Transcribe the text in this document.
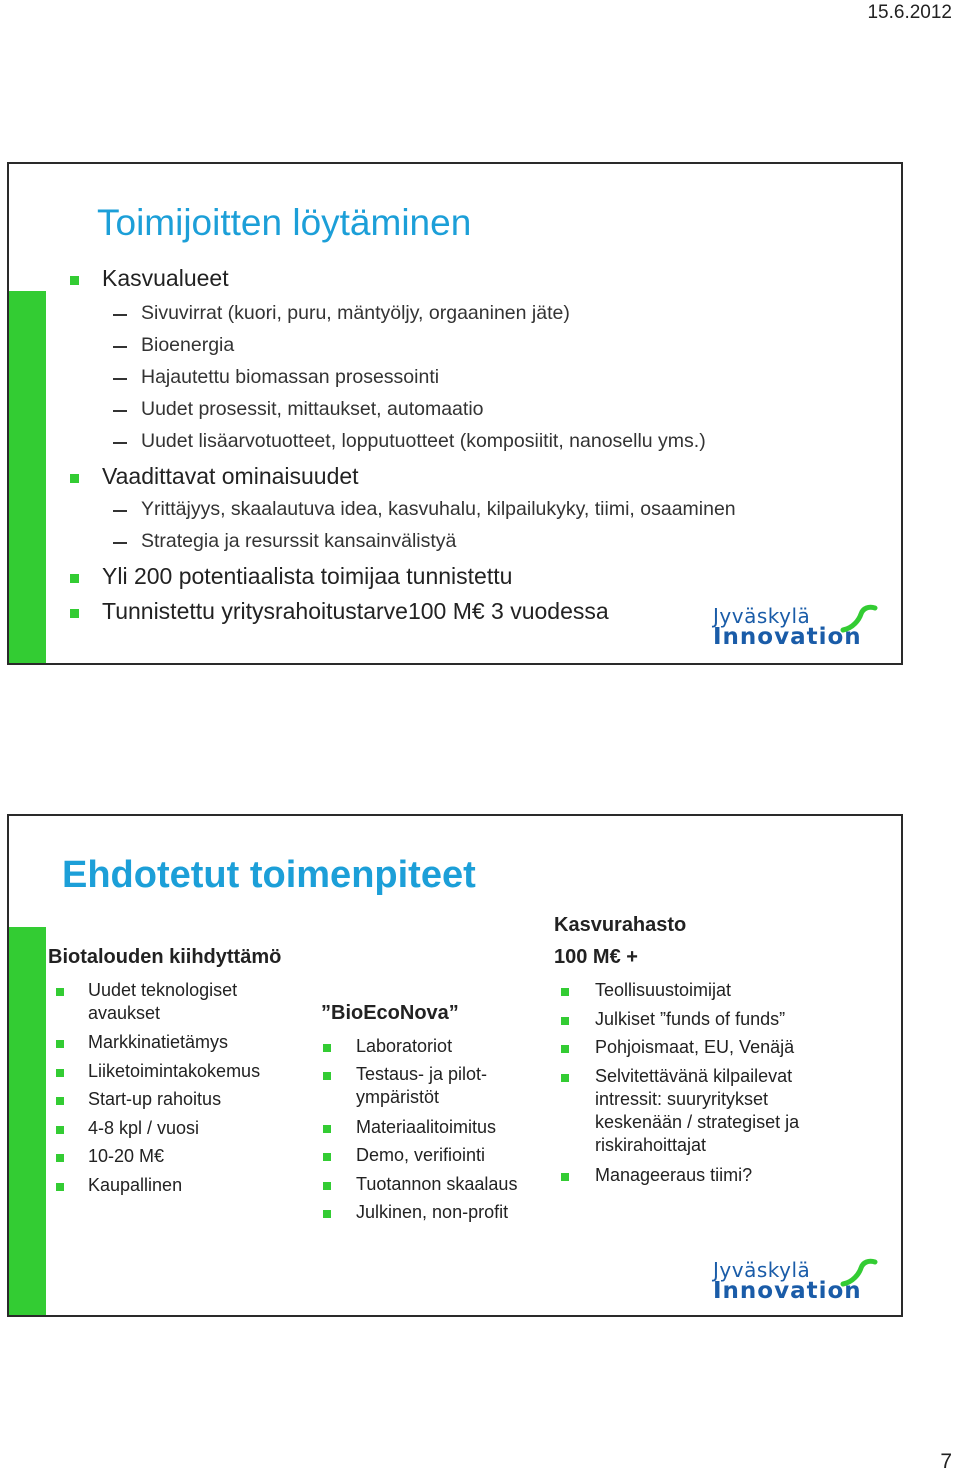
15.6.2012
Toimijoitten löytäminen
Kasvualueet
Sivuvirrat (kuori, puru, mäntyöljy, orgaaninen jäte)
Bioenergia
Hajautettu biomassan prosessointi
Uudet prosessit, mittaukset, automaatio
Uudet lisäarvotuotteet, lopputuotteet (komposiitit, nanosellu yms.)
Vaadittavat ominaisuudet
Yrittäjyys, skaalautuva idea, kasvuhalu, kilpailukyky, tiimi, osaaminen
Strategia ja resurssit kansainvälistyä
Yli 200 potentiaalista toimijaa tunnistettu
Tunnistettu yritysrahoitustarve100 M€ 3 vuodessa	Jyväskylä
Innovation
Ehdotetut toimenpiteet
Biotalouden kiihdyttämö
Uudet teknologiset avaukset
Markkinatietämys
Liiketoimintakokemus
Start-up rahoitus
4-8 kpl / vuosi
10-20 M€
Kaupallinen
”BioEcoNova”
Laboratoriot
Testaus- ja pilot-ympäristöt
Materiaalitoimitus
Demo, verifiointi
Tuotannon skaalaus
Julkinen, non-profit
Kasvurahasto
100 M€ +
Teollisuustoimijat
Julkiset ”funds of funds”
Pohjoismaat, EU, Venäjä
Selvitettävänä kilpailevat intressit: suuryritykset keskenään / strategiset ja riskirahoittajat
Manageeraus tiimi?
Jyväskylä
Innovation
7
